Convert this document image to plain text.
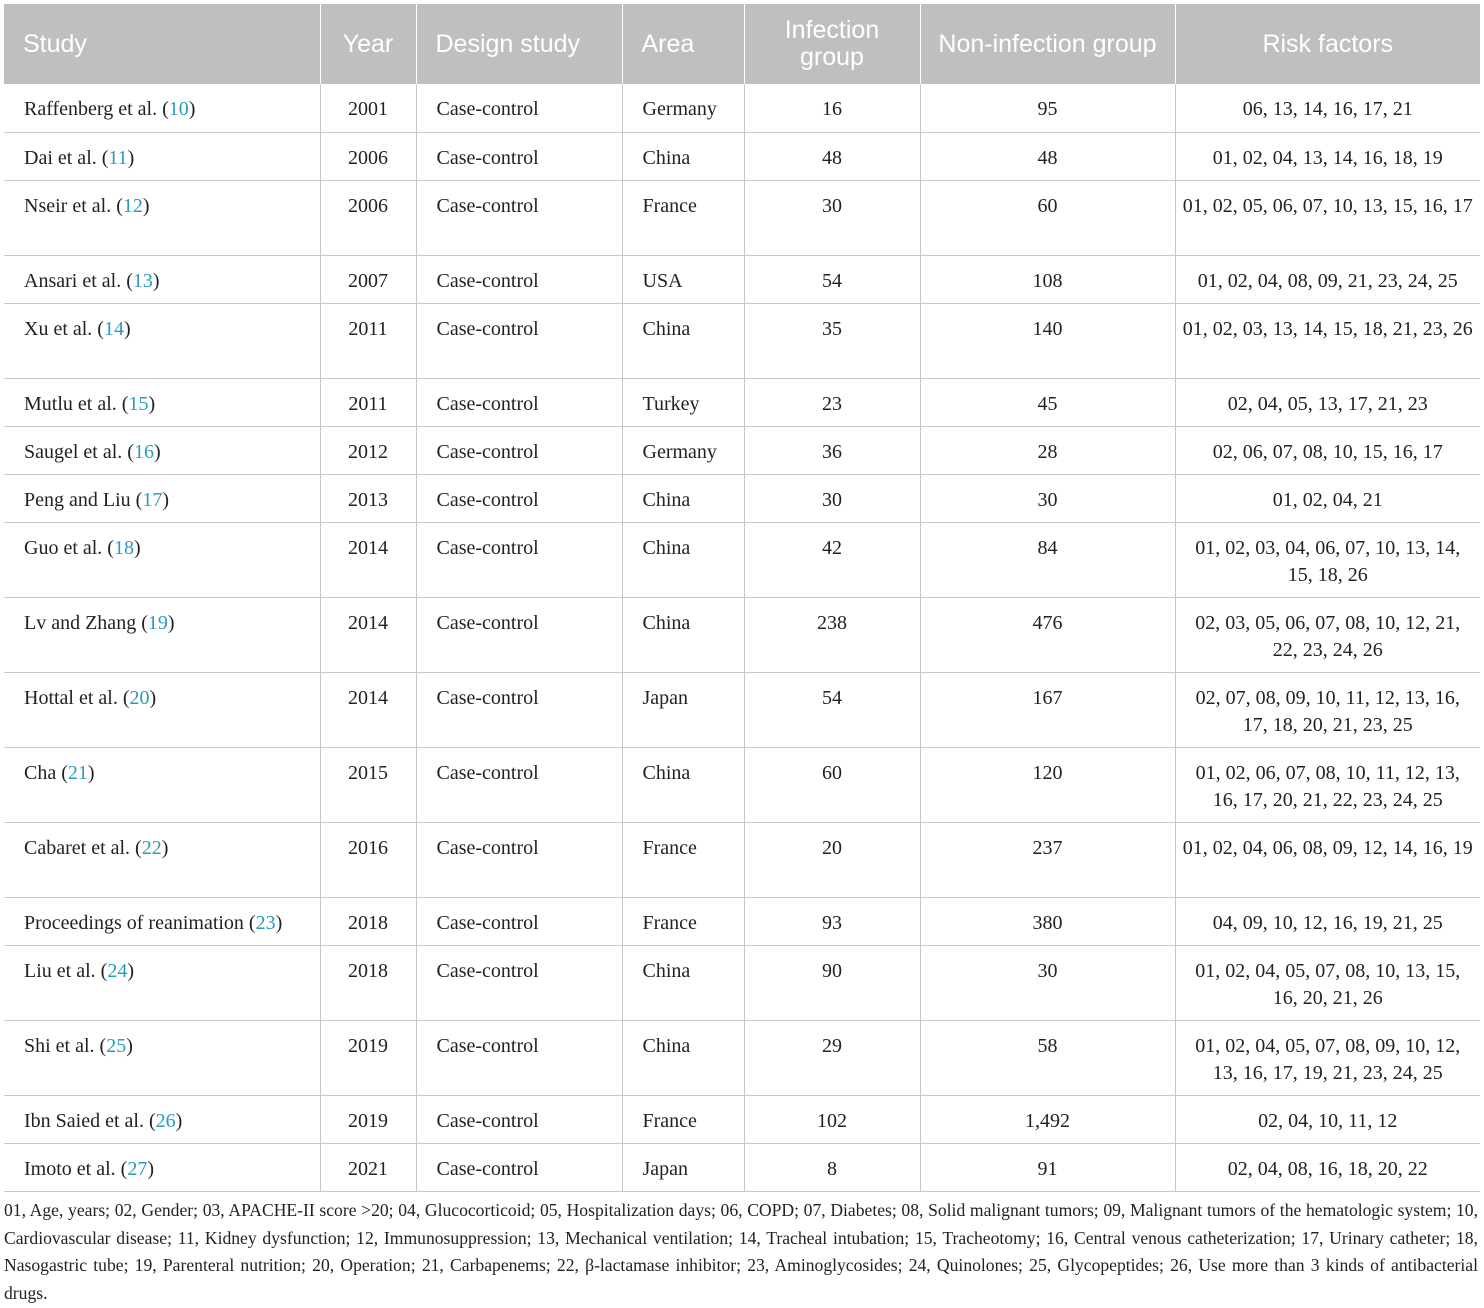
Study	Year	Design study	Area	Infection group	Non-infection group	Risk factors
Raffenberg et al. (10)	2001	Case-control	Germany	16	95	06, 13, 14, 16, 17, 21
Dai et al. (11)	2006	Case-control	China	48	48	01, 02, 04, 13, 14, 16, 18, 19
Nseir et al. (12)	2006	Case-control	France	30	60	01, 02, 05, 06, 07, 10, 13, 15, 16, 17
Ansari et al. (13)	2007	Case-control	USA	54	108	01, 02, 04, 08, 09, 21, 23, 24, 25
Xu et al. (14)	2011	Case-control	China	35	140	01, 02, 03, 13, 14, 15, 18, 21, 23, 26
Mutlu et al. (15)	2011	Case-control	Turkey	23	45	02, 04, 05, 13, 17, 21, 23
Saugel et al. (16)	2012	Case-control	Germany	36	28	02, 06, 07, 08, 10, 15, 16, 17
Peng and Liu (17)	2013	Case-control	China	30	30	01, 02, 04, 21
Guo et al. (18)	2014	Case-control	China	42	84	01, 02, 03, 04, 06, 07, 10, 13, 14, 15, 18, 26
Lv and Zhang (19)	2014	Case-control	China	238	476	02, 03, 05, 06, 07, 08, 10, 12, 21, 22, 23, 24, 26
Hottal et al. (20)	2014	Case-control	Japan	54	167	02, 07, 08, 09, 10, 11, 12, 13, 16, 17, 18, 20, 21, 23, 25
Cha (21)	2015	Case-control	China	60	120	01, 02, 06, 07, 08, 10, 11, 12, 13, 16, 17, 20, 21, 22, 23, 24, 25
Cabaret et al. (22)	2016	Case-control	France	20	237	01, 02, 04, 06, 08, 09, 12, 14, 16, 19
Proceedings of reanimation (23)	2018	Case-control	France	93	380	04, 09, 10, 12, 16, 19, 21, 25
Liu et al. (24)	2018	Case-control	China	90	30	01, 02, 04, 05, 07, 08, 10, 13, 15, 16, 20, 21, 26
Shi et al. (25)	2019	Case-control	China	29	58	01, 02, 04, 05, 07, 08, 09, 10, 12, 13, 16, 17, 19, 21, 23, 24, 25
Ibn Saied et al. (26)	2019	Case-control	France	102	1,492	02, 04, 10, 11, 12
Imoto et al. (27)	2021	Case-control	Japan	8	91	02, 04, 08, 16, 18, 20, 22
01, Age, years; 02, Gender; 03, APACHE-II score >20; 04, Glucocorticoid; 05, Hospitalization days; 06, COPD; 07, Diabetes; 08, Solid malignant tumors; 09, Malignant tumors of the hematologic system; 10, Cardiovascular disease; 11, Kidney dysfunction; 12, Immunosuppression; 13, Mechanical ventilation; 14, Tracheal intubation; 15, Tracheotomy; 16, Central venous catheterization; 17, Urinary catheter; 18, Nasogastric tube; 19, Parenteral nutrition; 20, Operation; 21, Carbapenems; 22, β-lactamase inhibitor; 23, Aminoglycosides; 24, Quinolones; 25, Glycopeptides; 26, Use more than 3 kinds of antibacterial drugs.
